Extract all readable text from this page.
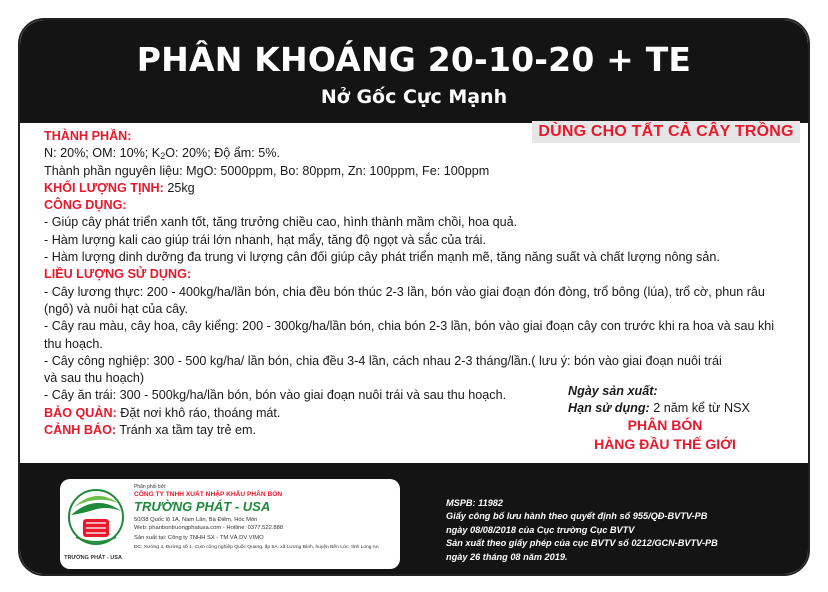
PHÂN KHOÁNG 20-10-20 + TE
Nở Gốc Cực Mạnh
DÙNG CHO TẤT CẢ CÂY TRỒNG
THÀNH PHẦN:
N: 20%; OM: 10%; $K_2O$: 20%; Độ ẩm: 5%.
Thành phần nguyên liệu: MgO: 5000ppm, Bo: 80ppm, Zn: 100ppm, Fe: 100ppm
KHỐI LƯỢNG TỊNH: 25kg
CÔNG DỤNG:
- Giúp cây phát triển xanh tốt, tăng trưởng chiều cao, hình thành mầm chồi, hoa quả.
- Hàm lượng kali cao giúp trái lớn nhanh, hạt mẩy, tăng độ ngọt và sắc của trái.
- Hàm lượng dinh dưỡng đa trung vi lượng cân đối giúp cây phát triển mạnh mẽ, tăng năng suất và chất lượng nông sản.
LIỀU LƯỢNG SỬ DỤNG:
- Cây lương thực: 200 - 400kg/ha/lần bón, chia đều bón thúc 2-3 lần, bón vào giai đoạn đón đòng, trổ bông (lúa), trổ cờ, phun râu (ngô) và nuôi hạt của cây.
- Cây rau màu, cây hoa, cây kiểng: 200 - 300kg/ha/lần bón, chia bón 2-3 lần, bón vào giai đoạn cây con trước khi ra hoa và sau khi thu hoạch.
- Cây công nghiệp: 300 - 500 kg/ha/ lần bón, chia đều 3-4 lần, cách nhau 2-3 tháng/lần.( lưu ý: bón vào giai đoạn nuôi trái
và sau thu hoạch)
- Cây ăn trái: 300 - 500kg/ha/lần bón, bón vào giai đoạn nuôi trái và sau thu hoạch.
BẢO QUẢN: Đặt nơi khô ráo, thoáng mát.
CẢNH BÁO: Tránh xa tầm tay trẻ em.
Ngày sản xuất:
Hạn sử dụng: 2 năm kể từ NSX
PHÂN BÓN
HÀNG ĐẦU THẾ GIỚI
TRƯỜNG PHÁT - USA
Phân phối bởi:
CÔNG TY TNHH XUẤT NHẬP KHẨU PHÂN BÓN
TRƯỜNG PHÁT - USA
50/38 Quốc lộ 1A, Nam Lân, Bà Điểm, Hóc Môn
Web: phanbontruongphatusa.com - Hotline: 0377.522.888
Sản xuất tại: Công ty TNHH SX - TM VÀ DV VIMO
ĐC: Xưởng 4, Đường số 1, Cụm công nghiệp Quốc Quang, ấp 5A, xã Lương Bình, huyện Bến Lức, tỉnh Long An
MSPB: 11982
Giấy công bố lưu hành theo quyết định số 955/QĐ-BVTV-PB
ngày 08/08/2018 của Cục trường Cục BVTV
Sản xuất theo giấy phép của cục BVTV số 0212/GCN-BVTV-PB
ngày 26 tháng 08 năm 2019.
